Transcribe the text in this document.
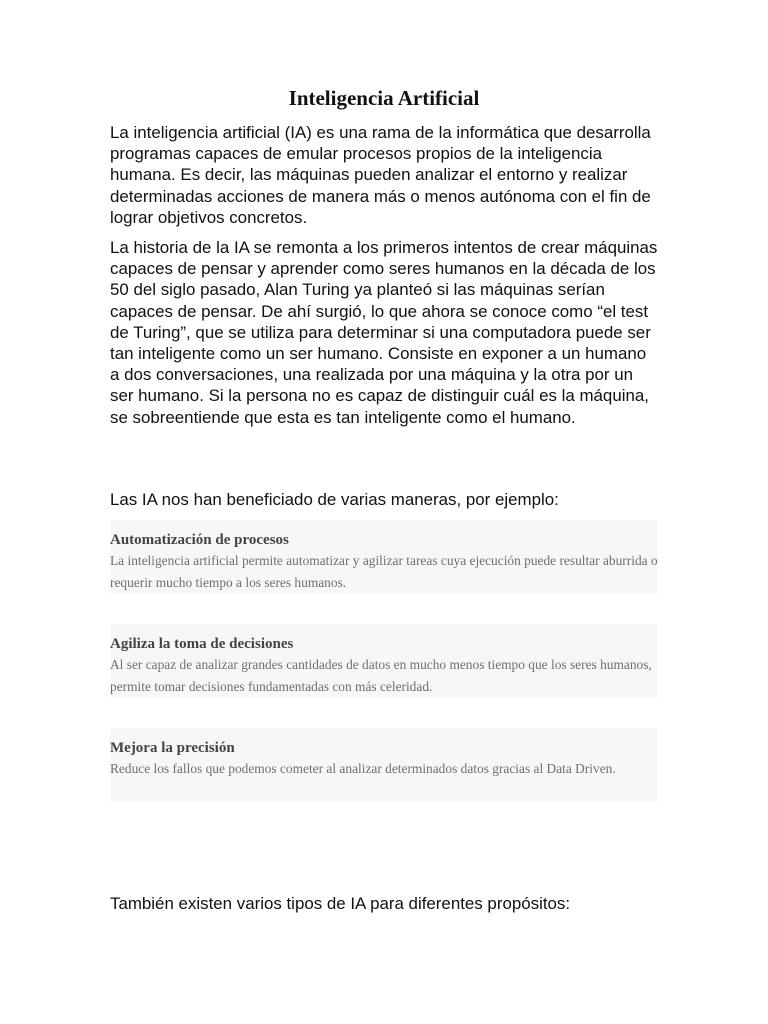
Inteligencia Artificial

La inteligencia artificial (IA) es una rama de la informática que desarrolla programas capaces de emular procesos propios de la inteligencia humana. Es decir, las máquinas pueden analizar el entorno y realizar determinadas acciones de manera más o menos autónoma con el fin de lograr objetivos concretos.

La historia de la IA se remonta a los primeros intentos de crear máquinas capaces de pensar y aprender como seres humanos en la década de los 50 del siglo pasado, Alan Turing ya planteó si las máquinas serían capaces de pensar. De ahí surgió, lo que ahora se conoce como “el test de Turing”, que se utiliza para determinar si una computadora puede ser tan inteligente como un ser humano. Consiste en exponer a un humano a dos conversaciones, una realizada por una máquina y la otra por un ser humano. Si la persona no es capaz de distinguir cuál es la máquina, se sobreentiende que esta es tan inteligente como el humano.

Las IA nos han beneficiado de varias maneras, por ejemplo:

Automatización de procesos

La inteligencia artificial permite automatizar y agilizar tareas cuya ejecución puede resultar aburrida o requerir mucho tiempo a los seres humanos.

Agiliza la toma de decisiones

Al ser capaz de analizar grandes cantidades de datos en mucho menos tiempo que los seres humanos, permite tomar decisiones fundamentadas con más celeridad.

Mejora la precisión

Reduce los fallos que podemos cometer al analizar determinados datos gracias al Data Driven.

También existen varios tipos de IA para diferentes propósitos:
